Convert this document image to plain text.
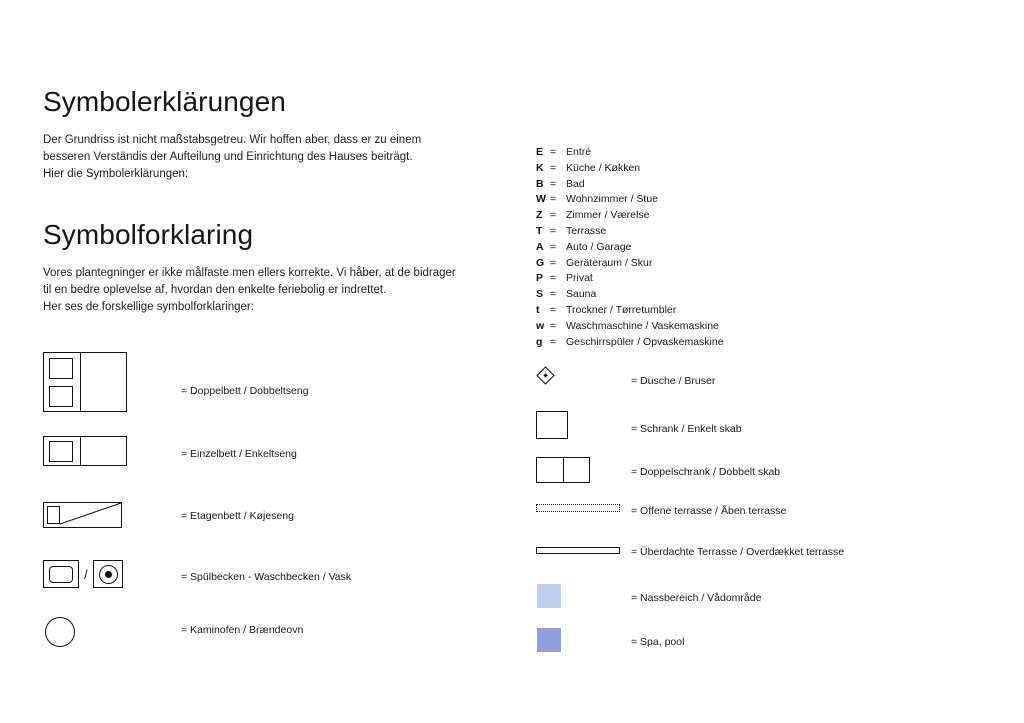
Symbolerklärungen

Der Grundriss ist nicht maßstabsgetreu. Wir hoffen aber, dass er zu einem
besseren Verständis der Aufteilung und Einrichtung des Hauses beiträgt.
Hier die Symbolerklärungen:

Symbolforklaring

Vores plantegninger er ikke målfaste men ellers korrekte. Vi håber, at de bidrager
til en bedre oplevelse af, hvordan den enkelte feriebolig er indrettet.
Her ses de forskellige symbolforklaringer:

= Doppelbett / Dobbeltseng
= Einzelbett / Enkeltseng
= Etagenbett / Køjeseng
/	= Spülbecken - Waschbecken / Vask
= Kaminofen / Brændeovn
E = Entré
K = Küche / Køkken
B = Bad
W = Wohnzimmer / Stue
Z = Zimmer / Værelse
T = Terrasse
A = Auto / Garage
G = Geräteraum / Skur
P = Privat
S = Sauna
t	= Trockner / Tørretumbler
w = Waschmaschine / Vaskemaskine
g = Geschirrspüler / Opvaskemaskine
= Dusche / Bruser
= Schrank / Enkelt skab
= Doppelschrank / Dobbelt skab
= Offene terrasse / Åben terrasse
= Überdachte Terrasse / Overdækket terrasse
= Nassbereich / Vådområde
= Spa, pool
